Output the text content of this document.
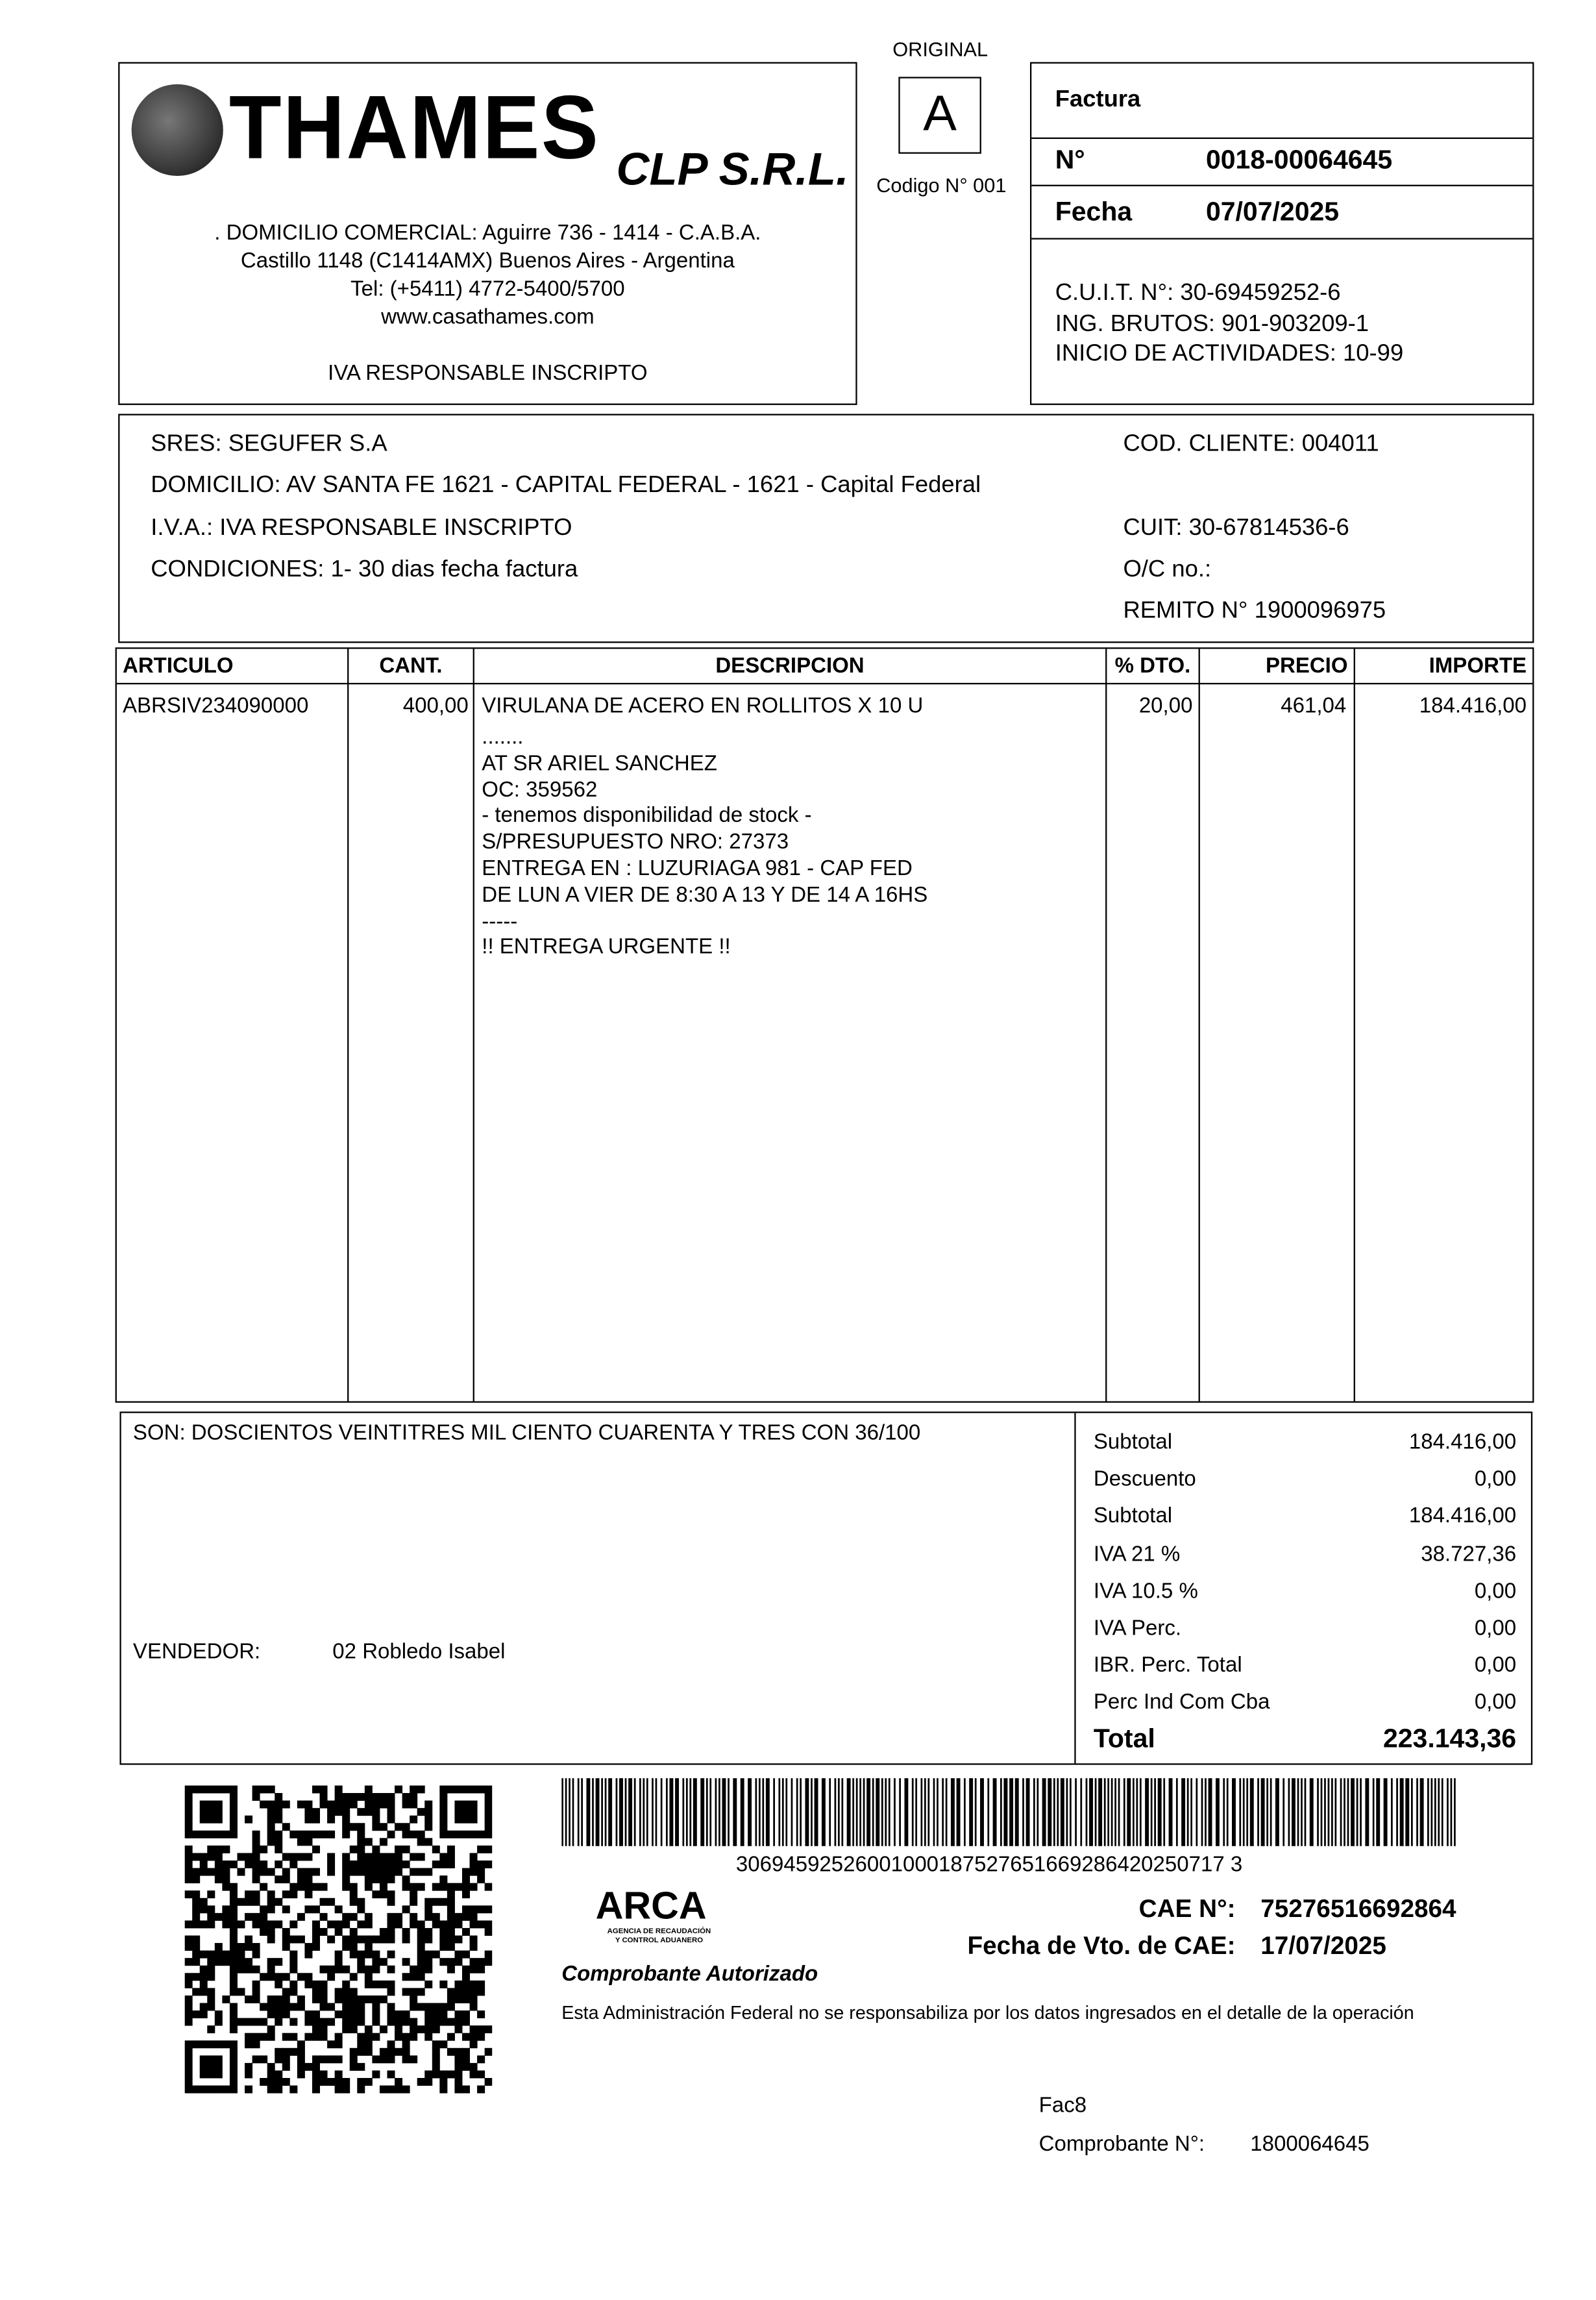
ORIGINAL
THAMES CLP S.R.L.
. DOMICILIO COMERCIAL: Aguirre 736 - 1414 - C.A.B.A.
Castillo 1148 (C1414AMX) Buenos Aires - Argentina
Tel: (+5411) 4772-5400/5700
www.casathames.com
IVA RESPONSABLE INSCRIPTO
A
Codigo N° 001
Factura
N°	0018-00064645
Fecha	07/07/2025
C.U.I.T. N°: 30-69459252-6
ING. BRUTOS: 901-903209-1
INICIO DE ACTIVIDADES: 10-99
SRES: SEGUFER S.A
DOMICILIO: AV SANTA FE 1621 - CAPITAL FEDERAL - 1621 - Capital Federal
I.V.A.: IVA RESPONSABLE INSCRIPTO
CONDICIONES: 1- 30 dias fecha factura
COD. CLIENTE: 004011
CUIT: 30-67814536-6
O/C no.:
REMITO N° 1900096975
ARTICULO	CANT.	DESCRIPCION	% DTO.	PRECIO	IMPORTE
ABRSIV234090000	400,00 VIRULANA DE ACERO EN ROLLITOS X 10 U	20,00	461,04	184.416,00
.......
AT SR ARIEL SANCHEZ
OC: 359562
- tenemos disponibilidad de stock -
S/PRESUPUESTO NRO: 27373
ENTREGA EN : LUZURIAGA 981 - CAP FED
DE LUN A VIER DE 8:30 A 13 Y DE 14 A 16HS
-----
!! ENTREGA URGENTE !!
SON: DOSCIENTOS VEINTITRES MIL CIENTO CUARENTA Y TRES CON 36/100
VENDEDOR:	02 Robledo Isabel
Subtotal	184.416,00
Descuento	0,00
Subtotal	184.416,00
IVA 21 %	38.727,36
IVA 10.5 %	0,00
IVA Perc.	0,00
IBR. Perc. Total	0,00
Perc Ind Com Cba	0,00
Total	223.143,36
30694592526001000187527651669286420250717 3
ARCA
AGENCIA DE RECAUDACIÓN
Y CONTROL ADUANERO
CAE N°: 75276516692864
Fecha de Vto. de CAE: 17/07/2025
Comprobante Autorizado
Esta Administración Federal no se responsabiliza por los datos ingresados en el detalle de la operación
Fac8
Comprobante N°:	1800064645
